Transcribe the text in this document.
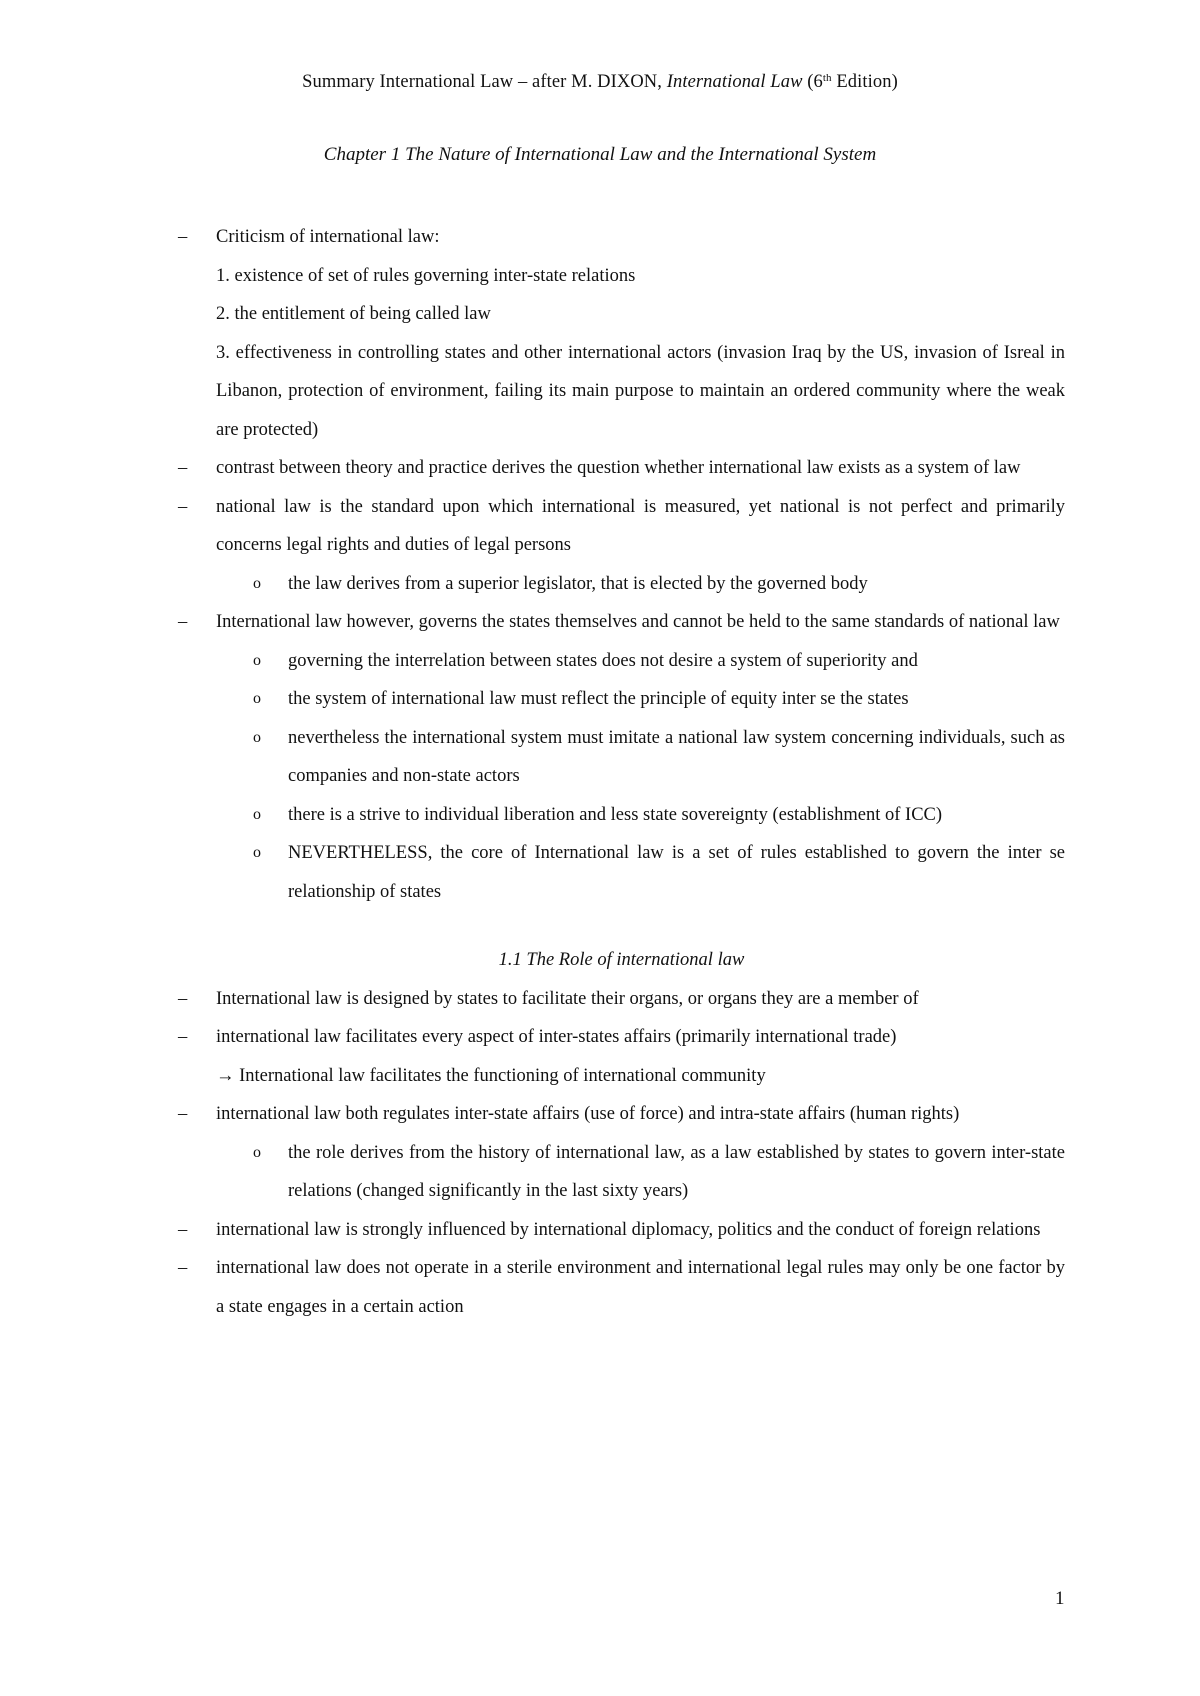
Summary International Law – after M. DIXON, International Law (6th Edition)
Chapter 1 The Nature of International Law and the International System
– Criticism of international law:
1. existence of set of rules governing inter-state relations
2. the entitlement of being called law
3. effectiveness in controlling states and other international actors (invasion Iraq by the US, invasion of Isreal in Libanon, protection of environment, failing its main purpose to maintain an ordered community where the weak are protected)
– contrast between theory and practice derives the question whether international law exists as a system of law
– national law is the standard upon which international is measured, yet national is not perfect and primarily concerns legal rights and duties of legal persons
o the law derives from a superior legislator, that is elected by the governed body
– International law however, governs the states themselves and cannot be held to the same standards of national law
o governing the interrelation between states does not desire a system of superiority and
o the system of international law must reflect the principle of equity inter se the states
o nevertheless the international system must imitate a national law system concerning individuals, such as companies and non-state actors
o there is a strive to individual liberation and less state sovereignty (establishment of ICC)
o NEVERTHELESS, the core of International law is a set of rules established to govern the inter se relationship of states
1.1 The Role of international law
– International law is designed by states to facilitate their organs, or organs they are a member of
– international law facilitates every aspect of inter-states affairs (primarily international trade)
→ International law facilitates the functioning of international community
– international law both regulates inter-state affairs (use of force) and intra-state affairs (human rights)
o the role derives from the history of international law, as a law established by states to govern inter-state relations (changed significantly in the last sixty years)
– international law is strongly influenced by international diplomacy, politics and the conduct of foreign relations
– international law does not operate in a sterile environment and international legal rules may only be one factor by a state engages in a certain action
1
